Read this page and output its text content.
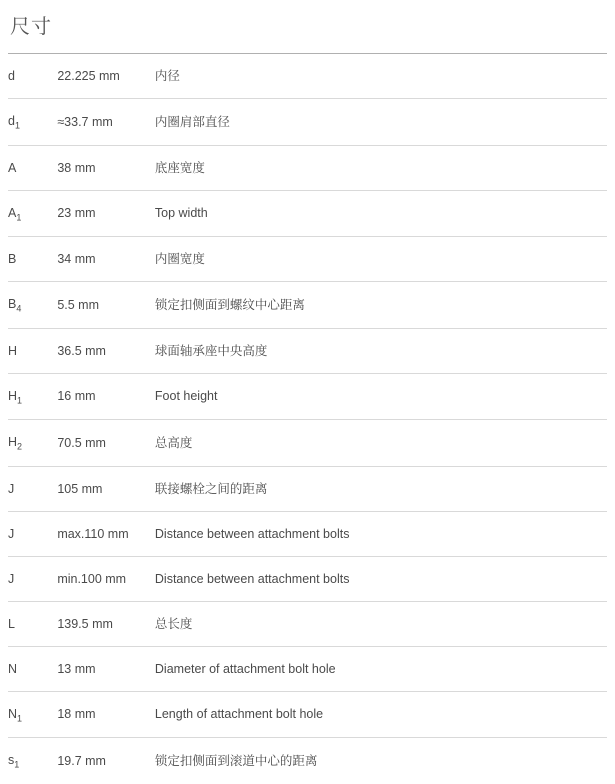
尺寸
d	22.225 mm	内径
$d_1$	≈33.7 mm	内圈肩部直径
A	38 mm	底座宽度
$A_1$	23 mm	Top width
B	34 mm	内圈宽度
$B_4$	5.5 mm	锁定扣侧面到螺纹中心距离
H	36.5 mm	球面轴承座中央高度
$H_1$	16 mm	Foot height
$H_2$	70.5 mm	总高度
J	105 mm	联接螺栓之间的距离
J	max.110 mm	Distance between attachment bolts
J	min.100 mm	Distance between attachment bolts
L	139.5 mm	总长度
N	13 mm	Diameter of attachment bolt hole
$N_1$	18 mm	Length of attachment bolt hole
$s_1$	19.7 mm	锁定扣侧面到滚道中心的距离
